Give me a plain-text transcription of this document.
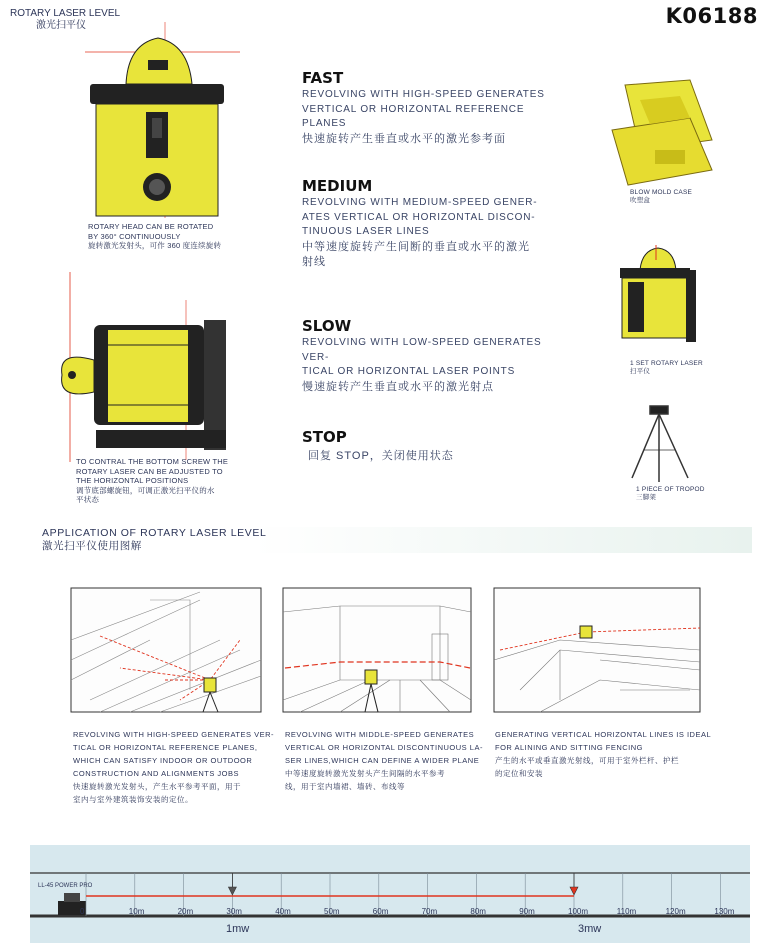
ROTARY LASER LEVEL
激光扫平仪	K06188
ROTARY HEAD CAN BE ROTATED
BY 360° CONTINUOUSLY
旋转激光发射头，可作 360 度连续旋转
TO CONTRAL THE BOTTOM SCREW THE
ROTARY LASER CAN BE ADJUSTED TO
THE HORIZONTAL POSITIONS
调节底部螺旋钮，可调正激光扫平仪的水
平状态
FAST
REVOLVING WITH HIGH-SPEED GENERATES
VERTICAL OR HORIZONTAL REFERENCE PLANES
快速旋转产生垂直或水平的激光参考面
MEDIUM
REVOLVING WITH MEDIUM-SPEED GENER-
ATES VERTICAL OR HORIZONTAL DISCON-
TINUOUS LASER LINES
中等速度旋转产生间断的垂直或水平的激光
射线
SLOW
REVOLVING WITH LOW-SPEED GENERATES VER-
TICAL OR HORIZONTAL LASER POINTS
慢速旋转产生垂直或水平的激光射点
STOP
回复 STOP，关闭使用状态
BLOW MOLD CASE
吹塑盒
1 SET ROTARY LASER
扫平仪
1 PIECE OF TROPOD
三脚架
APPLICATION OF ROTARY LASER LEVEL
激光扫平仪使用图解
REVOLVING WITH HIGH-SPEED GENERATES VER-
TICAL OR HORIZONTAL REFERENCE PLANES,
WHICH CAN SATISFY INDOOR OR OUTDOOR
CONSTRUCTION AND ALIGNMENTS JOBS
快速旋转激光发射头，产生水平参考平面，用于
室内与室外建筑装饰安装的定位。
REVOLVING WITH MIDDLE-SPEED GENERATES
VERTICAL OR HORIZONTAL DISCONTINUOUS LA-
SER LINES,WHICH CAN DEFINE A WIDER PLANE
中等速度旋转激光发射头产生间隔的水平参考
线，用于室内墙裙、墙砖、布线等
GENERATING VERTICAL HORIZONTAL LINES IS IDEAL
FOR ALINING AND SITTING FENCING
产生的水平或垂直激光射线，可用于室外栏杆、护栏
的定位和安装
LL-45 POWER PRO
0	10m	20m	30m	40m	50m	60m	70m	80m	90m	100m	110m	120m	130m
1mw	3mw
